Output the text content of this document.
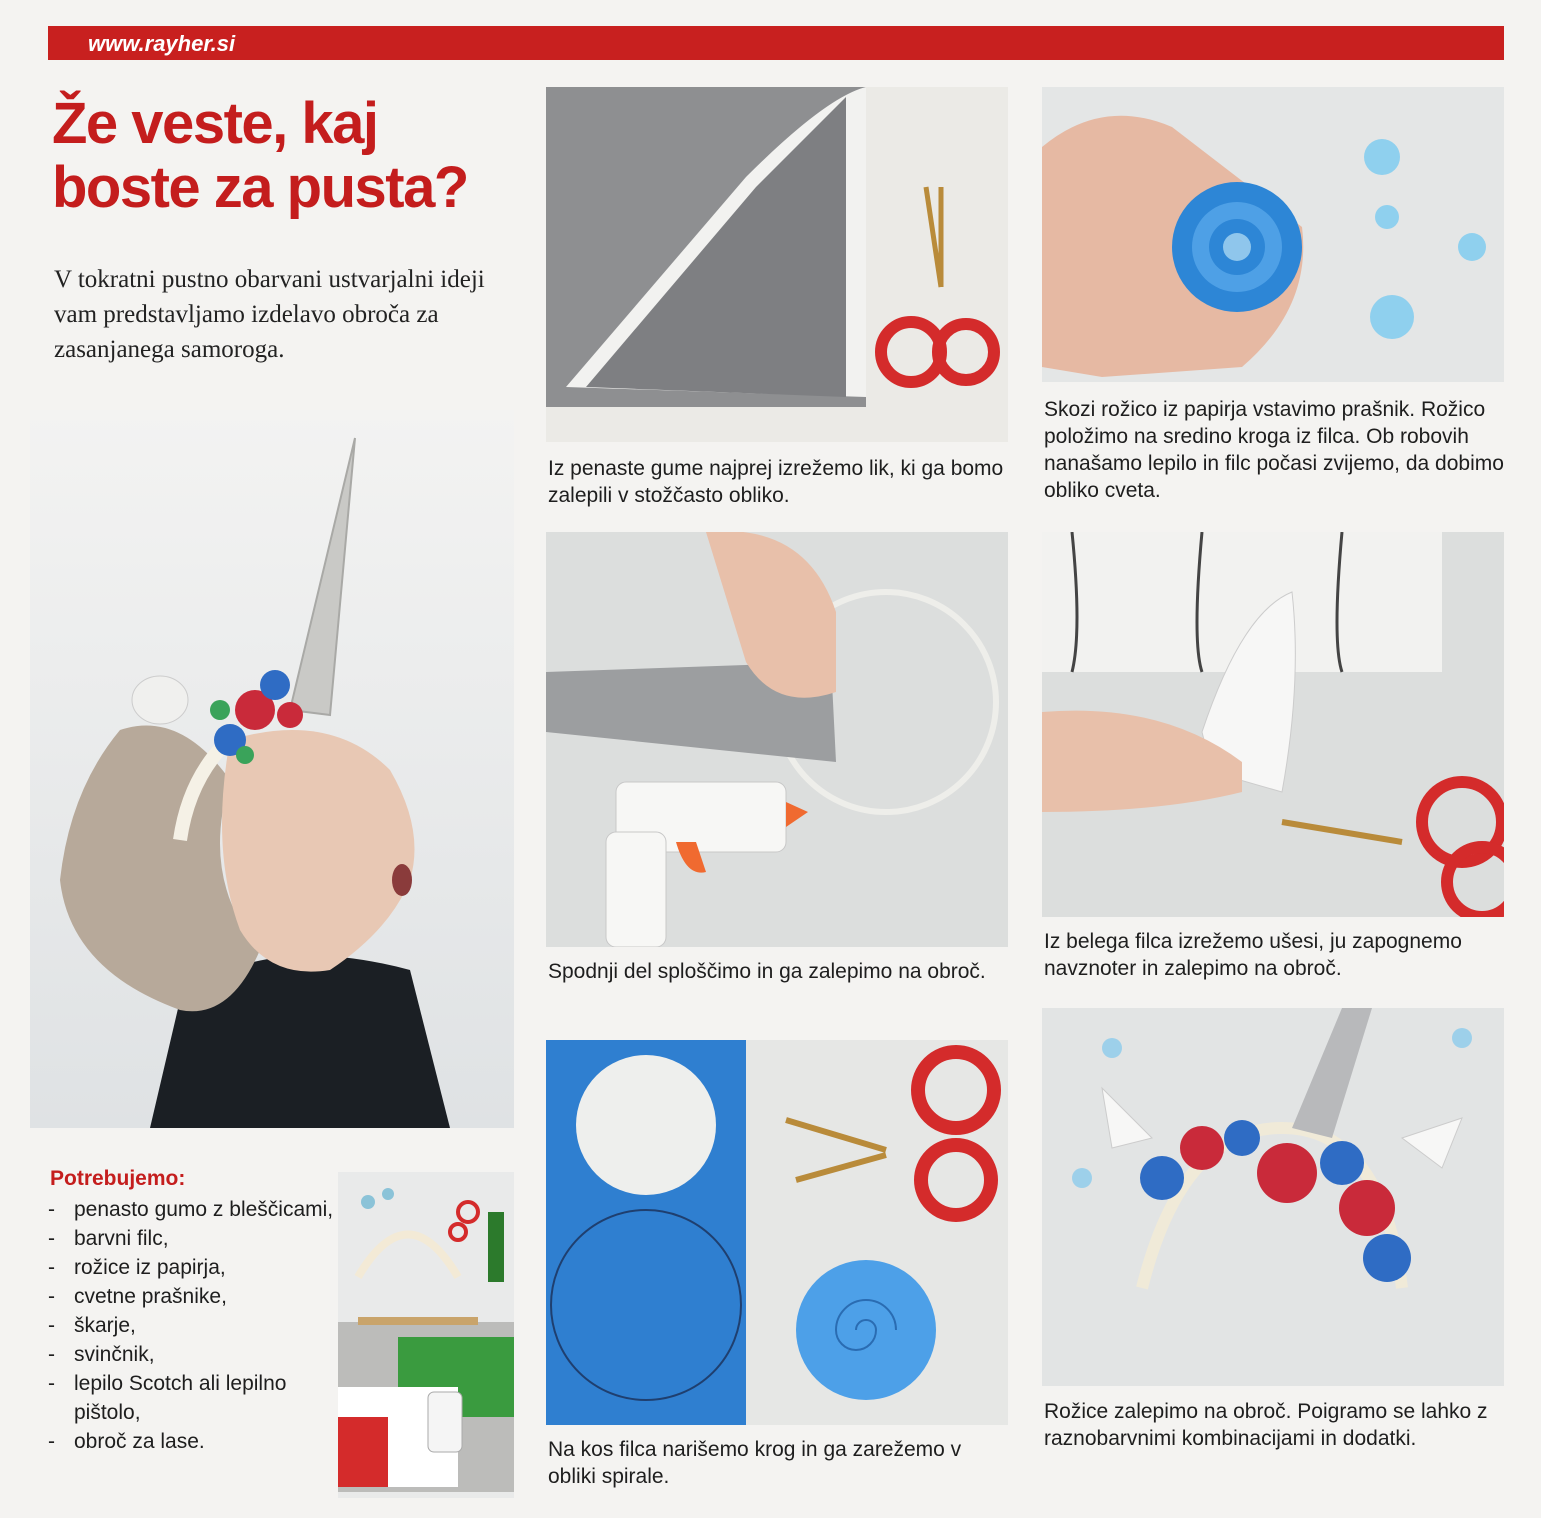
www.rayher.si
Že veste, kaj boste za pusta?
V tokratni pustno obarvani ustvarjalni ideji vam predstavljamo izdelavo obroča za zasanjanega samoroga.
Potrebujemo:
- penasto gumo z bleščicami,
- barvni filc,
- rožice iz papirja,
- cvetne prašnike,
- škarje,
- svinčnik,
- lepilo Scotch ali lepilno pištolo,
- obroč za lase.
Iz penaste gume najprej izrežemo lik, ki ga bomo zalepili v stožčasto obliko.
Skozi rožico iz papirja vstavimo prašnik. Rožico položimo na sredino kroga iz filca. Ob robovih nanašamo lepilo in filc počasi zvijemo, da dobimo obliko cveta.
Spodnji del sploščimo in ga zalepimo na obroč.
Iz belega filca izrežemo ušesi, ju zapognemo navznoter in zalepimo na obroč.
Na kos filca narišemo krog in ga zarežemo v obliki spirale.
Rožice zalepimo na obroč. Poigramo se lahko z raznobarvnimi kombinacijami in dodatki.
